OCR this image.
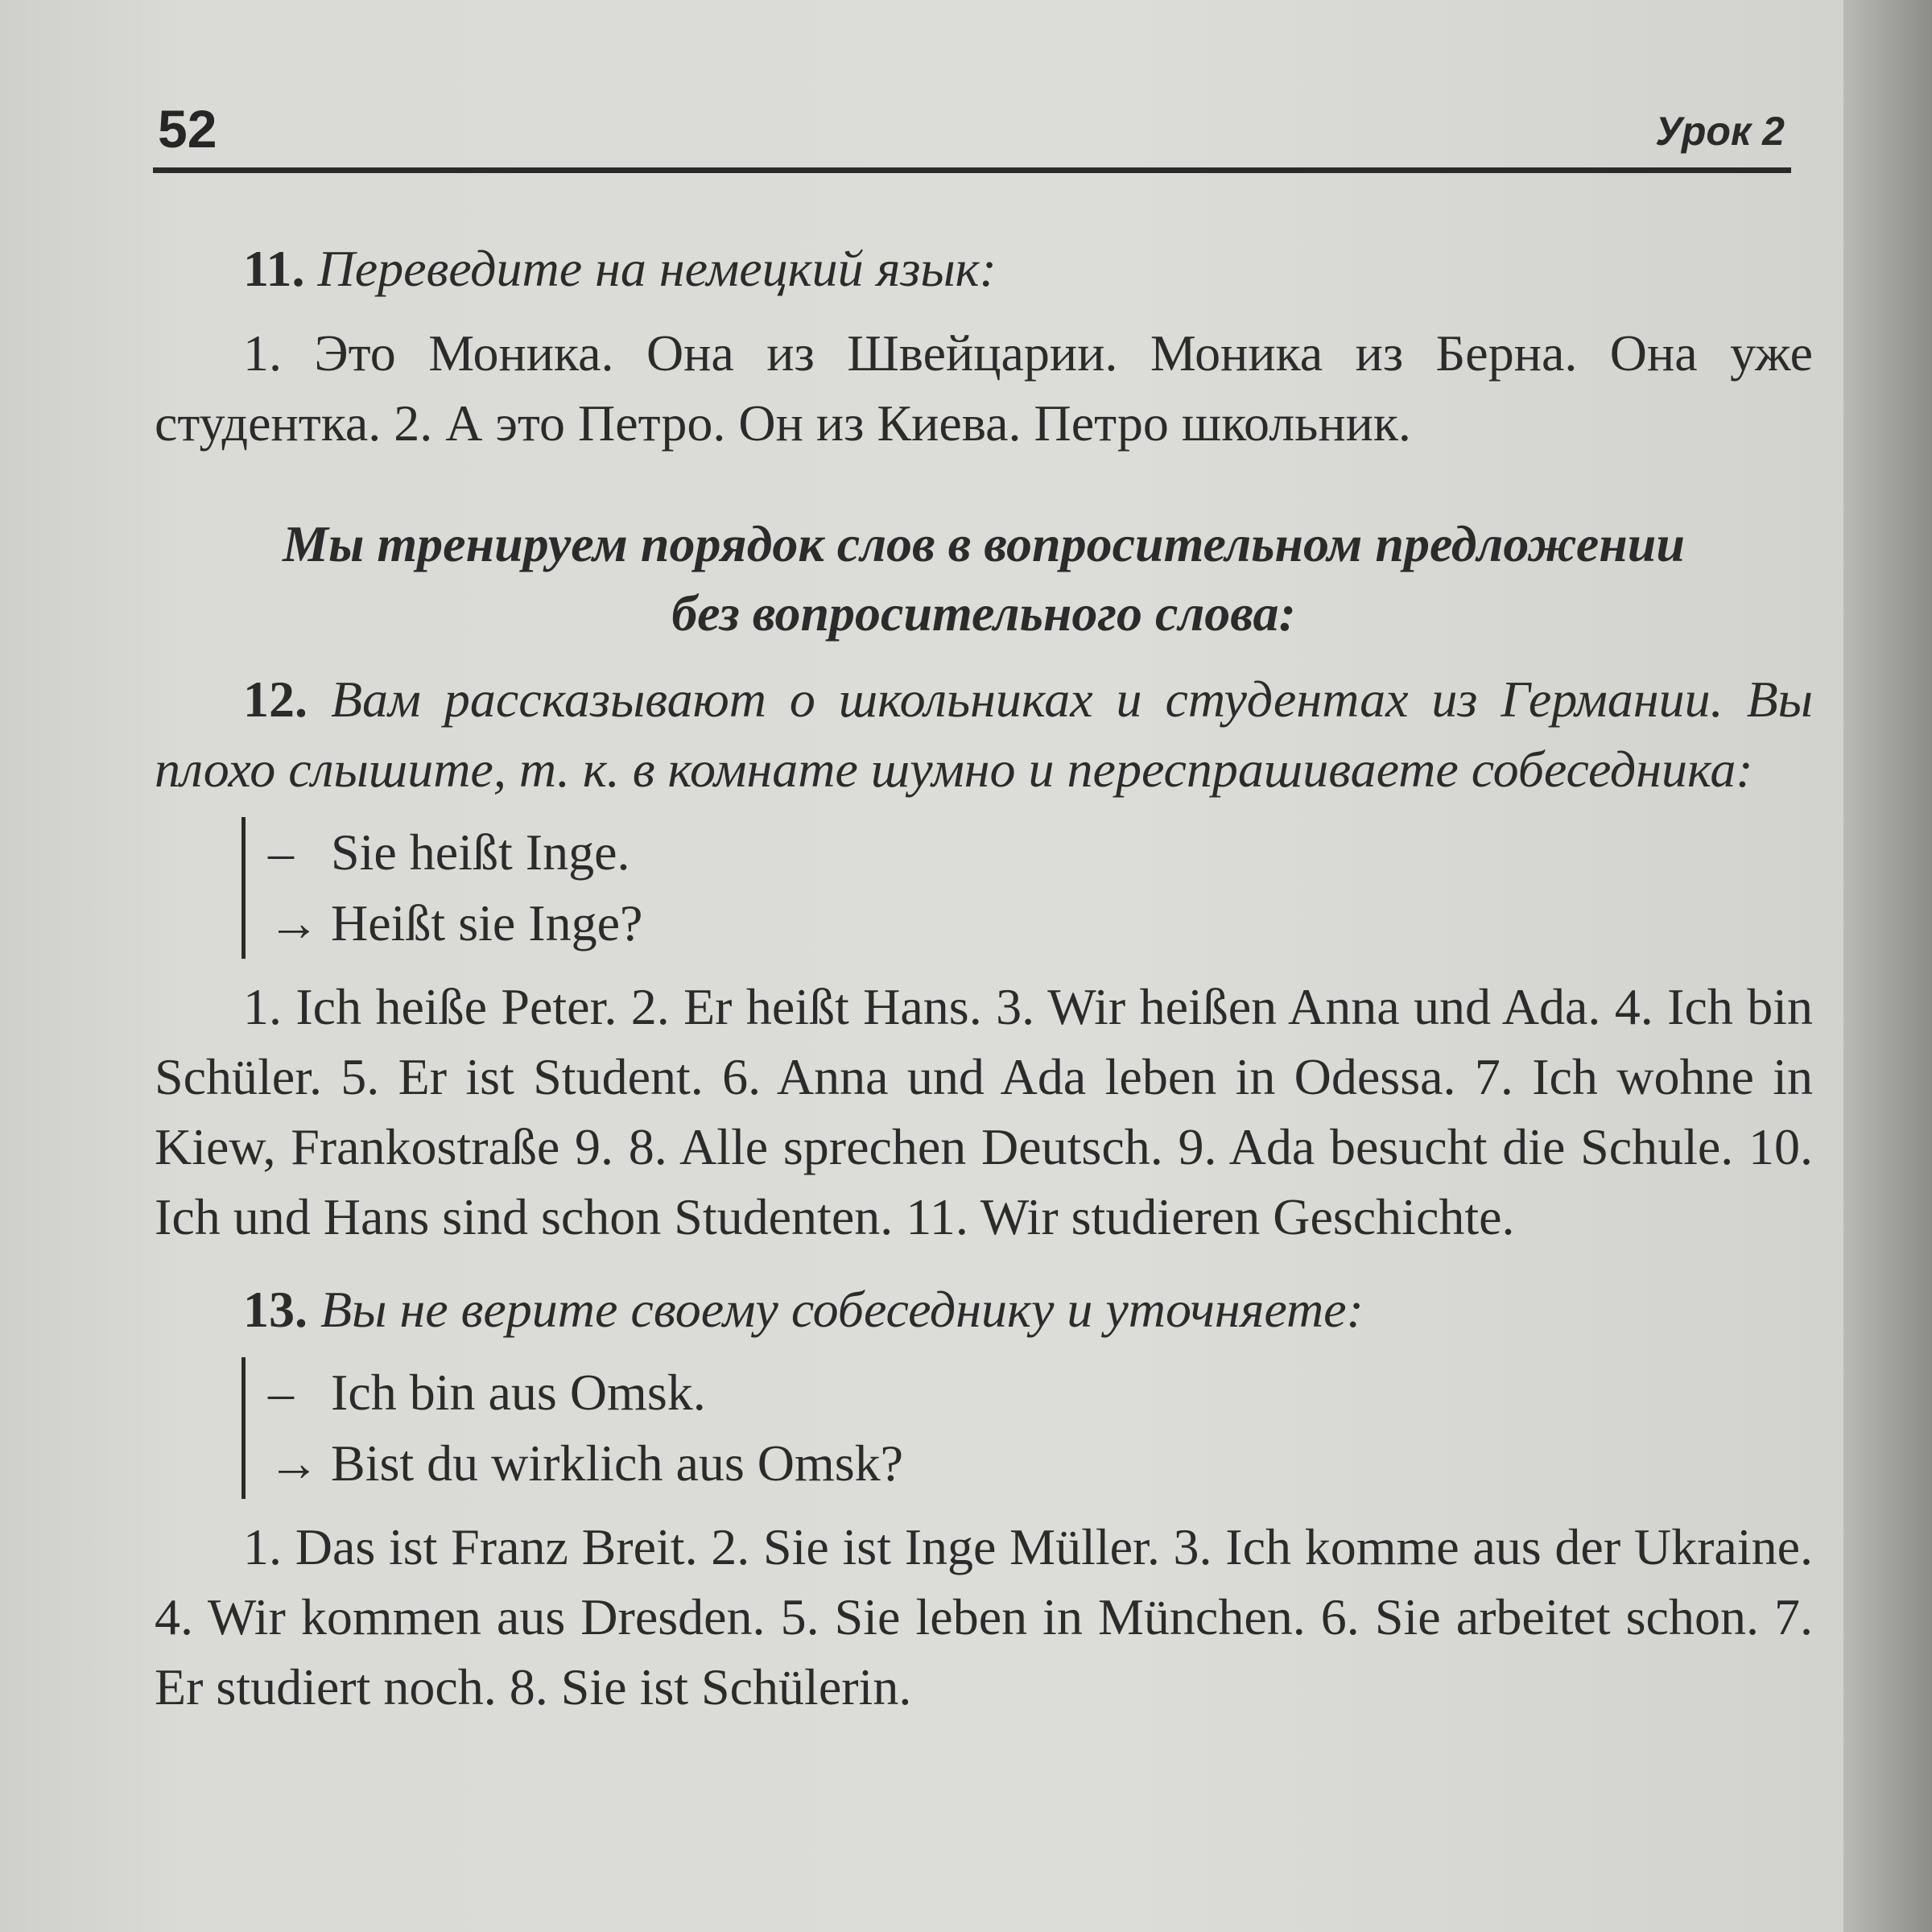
52	Урок 2

11. Переведите на немецкий язык:

1. Это Моника. Она из Швейцарии. Моника из Берна. Она уже студентка. 2. А это Петро. Он из Киева. Петро школьник.

Мы тренируем порядок слов в вопросительном предложении
без вопросительного слова:

12. Вам рассказывают о школьниках и студентах из Германии. Вы плохо слышите, т. к. в комнате шумно и переспрашиваете собеседника:

– Sie heißt Inge.
→ Heißt sie Inge?

1. Ich heiße Peter. 2. Er heißt Hans. 3. Wir heißen Anna und Ada. 4. Ich bin Schüler. 5. Er ist Student. 6. Anna und Ada leben in Odessa. 7. Ich wohne in Kiew, Frankostraße 9. 8. Alle sprechen Deutsch. 9. Ada besucht die Schule. 10. Ich und Hans sind schon Studenten. 11. Wir studieren Geschichte.

13. Вы не верите своему собеседнику и уточняете:

– Ich bin aus Omsk.
→ Bist du wirklich aus Omsk?

1. Das ist Franz Breit. 2. Sie ist Inge Müller. 3. Ich komme aus der Ukraine. 4. Wir kommen aus Dresden. 5. Sie leben in München. 6. Sie arbeitet schon. 7. Er studiert noch. 8. Sie ist Schülerin.
